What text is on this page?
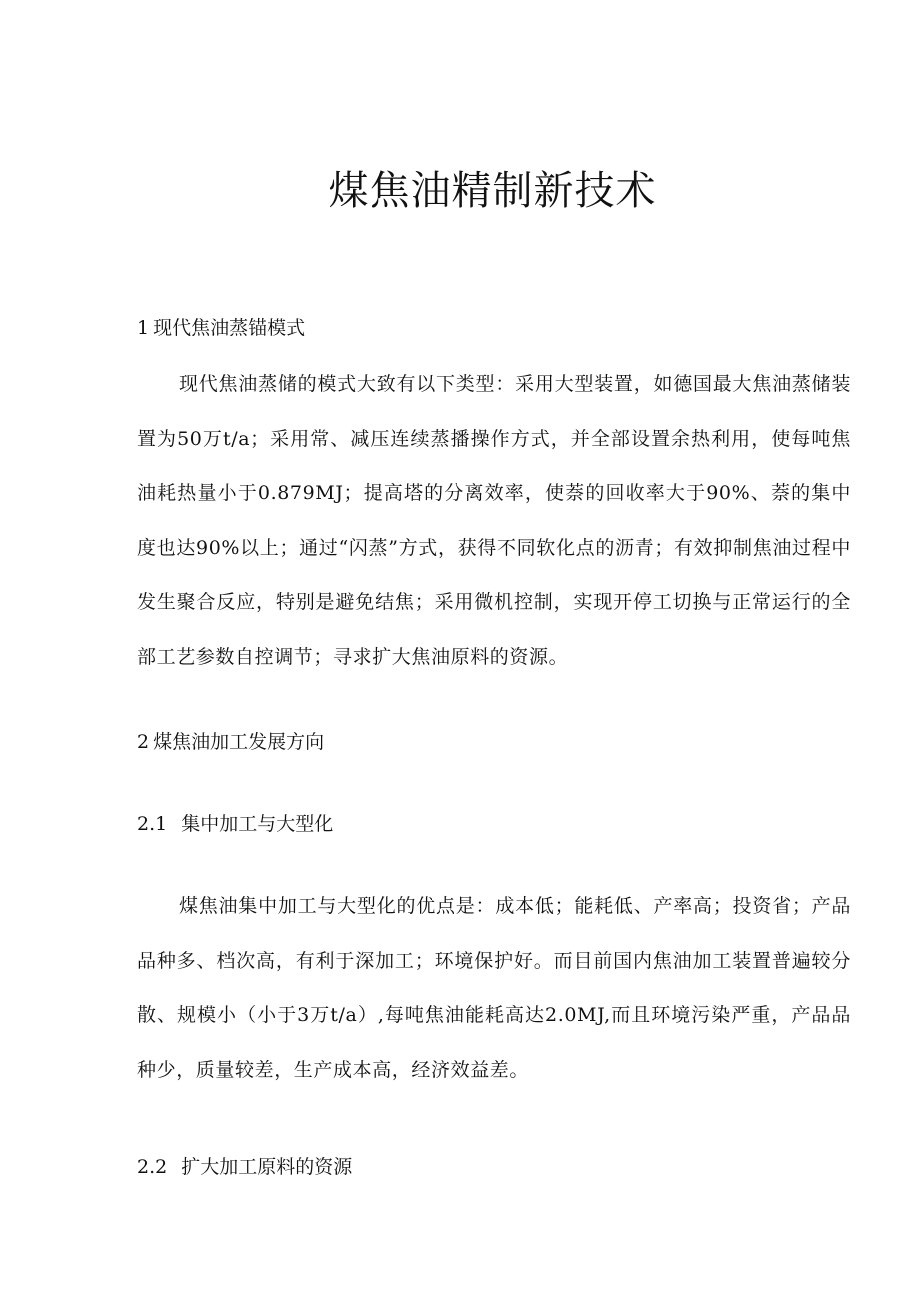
煤焦油精制新技术
1 现代焦油蒸锚模式

现代焦油蒸储的模式大致有以下类型：采用大型装置，如德国最大焦油蒸储装置为50万t/a；采用常、减压连续蒸播操作方式，并全部设置余热利用，使每吨焦油耗热量小于0.879MJ；提高塔的分离效率，使萘的回收率大于90%、萘的集中度也达90%以上；通过“闪蒸”方式，获得不同软化点的沥青；有效抑制焦油过程中发生聚合反应，特别是避免结焦；采用微机控制，实现开停工切换与正常运行的全部工艺参数自控调节；寻求扩大焦油原料的资源。

2 煤焦油加工发展方向
2.1 集中加工与大型化

煤焦油集中加工与大型化的优点是：成本低；能耗低、产率高；投资省；产品品种多、档次高，有利于深加工；环境保护好。而目前国内焦油加工装置普遍较分散、规模小（小于3万t/a）,每吨焦油能耗高达2.0MJ,而且环境污染严重，产品品种少，质量较差，生产成本高，经济效益差。

2.2 扩大加工原料的资源
